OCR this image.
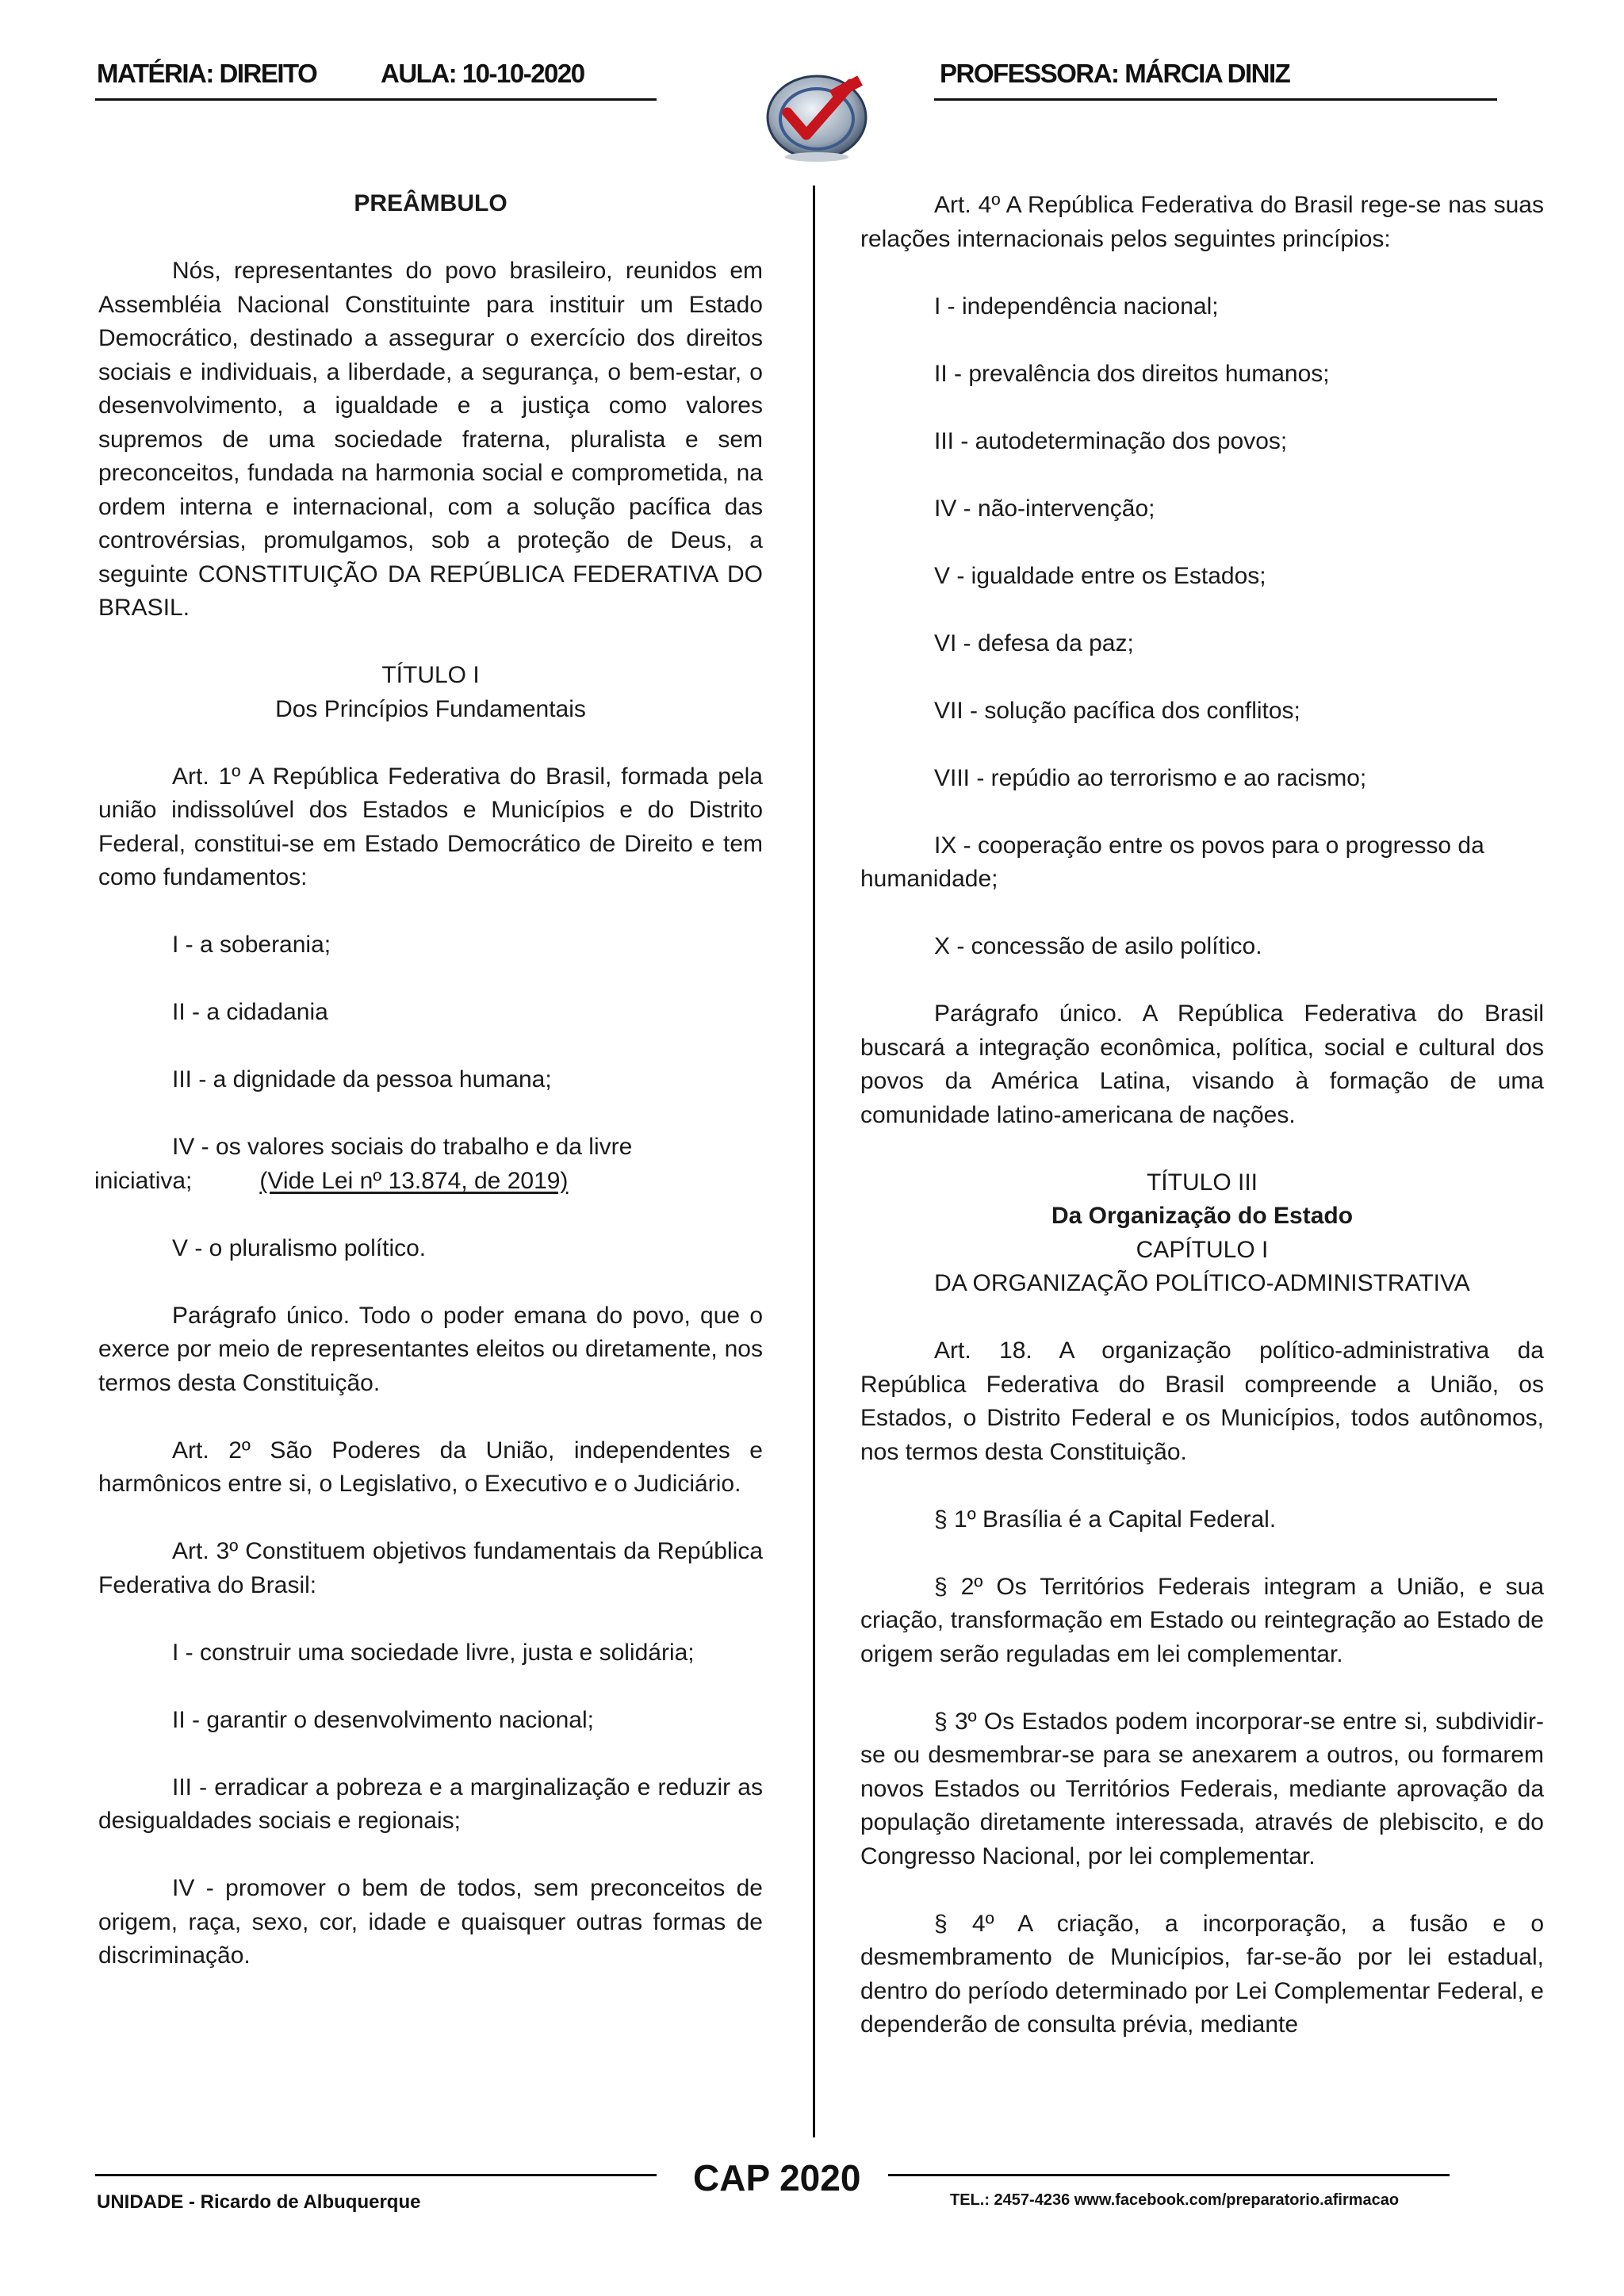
MATÉRIA: DIREITO AULA: 10-10-2020	PROFESSORA: MÁRCIA DINIZ

PREÂMBULO

Nós, representantes do povo brasileiro, reunidos em Assembléia Nacional Constituinte para instituir um Estado Democrático, destinado a assegurar o exercício dos direitos sociais e individuais, a liberdade, a segurança, o bem-estar, o desenvolvimento, a igualdade e a justiça como valores supremos de uma sociedade fraterna, pluralista e sem preconceitos, fundada na harmonia social e comprometida, na ordem interna e internacional, com a solução pacífica das controvérsias, promulgamos, sob a proteção de Deus, a seguinte CONSTITUIÇÃO DA REPÚBLICA FEDERATIVA DO BRASIL.

TÍTULO I

Dos Princípios Fundamentais

Art. 1º A República Federativa do Brasil, formada pela união indissolúvel dos Estados e Municípios e do Distrito Federal, constitui-se em Estado Democrático de Direito e tem como fundamentos:

I - a soberania;

II - a cidadania

III - a dignidade da pessoa humana;

IV - os valores sociais do trabalho e da livre

iniciativa;	(Vide Lei nº 13.874, de 2019)

V - o pluralismo político.

Parágrafo único. Todo o poder emana do povo, que o exerce por meio de representantes eleitos ou diretamente, nos termos desta Constituição.

Art. 2º São Poderes da União, independentes e harmônicos entre si, o Legislativo, o Executivo e o Judiciário.

Art. 3º Constituem objetivos fundamentais da República Federativa do Brasil:

I - construir uma sociedade livre, justa e solidária;

II - garantir o desenvolvimento nacional;

III - erradicar a pobreza e a marginalização e reduzir as desigualdades sociais e regionais;

IV - promover o bem de todos, sem preconceitos de origem, raça, sexo, cor, idade e quaisquer outras formas de discriminação.

Art. 4º A República Federativa do Brasil rege-se nas suas relações internacionais pelos seguintes princípios:

I - independência nacional;

II - prevalência dos direitos humanos;

III - autodeterminação dos povos;

IV - não-intervenção;

V - igualdade entre os Estados;

VI - defesa da paz;

VII - solução pacífica dos conflitos;

VIII - repúdio ao terrorismo e ao racismo;

IX - cooperação entre os povos para o progresso da humanidade;

X - concessão de asilo político.

Parágrafo único. A República Federativa do Brasil buscará a integração econômica, política, social e cultural dos povos da América Latina, visando à formação de uma comunidade latino-americana de nações.

TÍTULO III

Da Organização do Estado

CAPÍTULO I

DA ORGANIZAÇÃO POLÍTICO-ADMINISTRATIVA

Art. 18. A organização político-administrativa da República Federativa do Brasil compreende a União, os Estados, o Distrito Federal e os Municípios, todos autônomos, nos termos desta Constituição.

§ 1º Brasília é a Capital Federal.

§ 2º Os Territórios Federais integram a União, e sua criação, transformação em Estado ou reintegração ao Estado de origem serão reguladas em lei complementar.

§ 3º Os Estados podem incorporar-se entre si, subdividir-se ou desmembrar-se para se anexarem a outros, ou formarem novos Estados ou Territórios Federais, mediante aprovação da população diretamente interessada, através de plebiscito, e do Congresso Nacional, por lei complementar.

§ 4º A criação, a incorporação, a fusão e o desmembramento de Municípios, far-se-ão por lei estadual, dentro do período determinado por Lei Complementar Federal, e dependerão de consulta prévia, mediante

CAP 2020
UNIDADE - Ricardo de Albuquerque	TEL.: 2457-4236 www.facebook.com/preparatorio.afirmacao
